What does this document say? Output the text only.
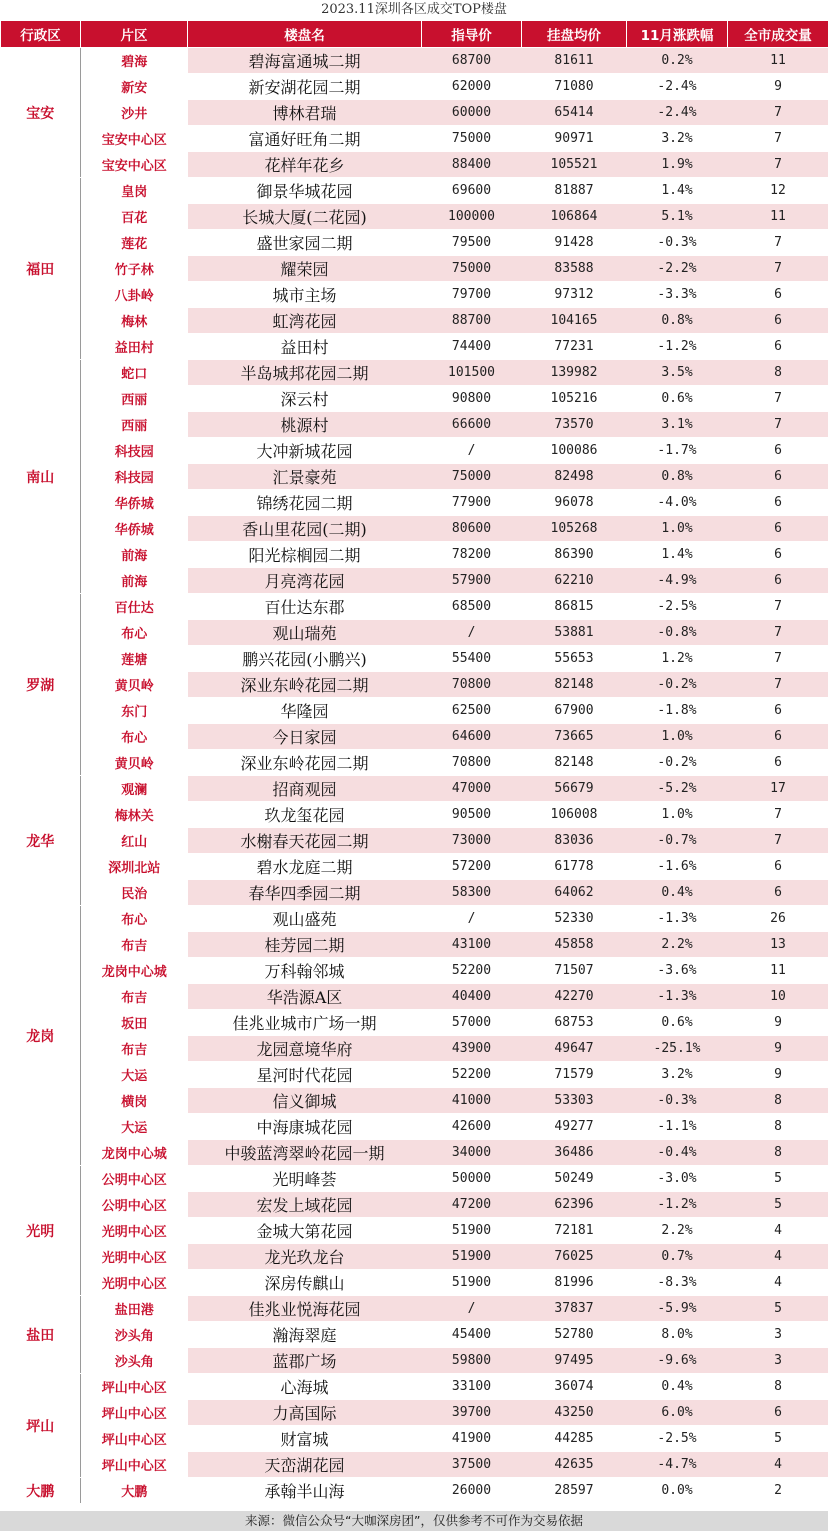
2023.11深圳各区成交TOP楼盘
行政区	片区	楼盘名	指导价	挂盘均价	11月涨跌幅	全市成交量
宝安	碧海	碧海富通城二期	68700	81611	0.2%	11
	新安	新安湖花园二期	62000	71080	-2.4%	9
	沙井	博林君瑞	60000	65414	-2.4%	7
	宝安中心区	富通好旺角二期	75000	90971	3.2%	7
	宝安中心区	花样年花乡	88400	105521	1.9%	7
福田	皇岗	御景华城花园	69600	81887	1.4%	12
	百花	长城大厦(二花园)	100000	106864	5.1%	11
	莲花	盛世家园二期	79500	91428	-0.3%	7
	竹子林	耀荣园	75000	83588	-2.2%	7
	八卦岭	城市主场	79700	97312	-3.3%	6
	梅林	虹湾花园	88700	104165	0.8%	6
	益田村	益田村	74400	77231	-1.2%	6
南山	蛇口	半岛城邦花园二期	101500	139982	3.5%	8
	西丽	深云村	90800	105216	0.6%	7
	西丽	桃源村	66600	73570	3.1%	7
	科技园	大冲新城花园	/	100086	-1.7%	6
	科技园	汇景豪苑	75000	82498	0.8%	6
	华侨城	锦绣花园二期	77900	96078	-4.0%	6
	华侨城	香山里花园(二期)	80600	105268	1.0%	6
	前海	阳光棕榈园二期	78200	86390	1.4%	6
	前海	月亮湾花园	57900	62210	-4.9%	6
罗湖	百仕达	百仕达东郡	68500	86815	-2.5%	7
	布心	观山瑞苑	/	53881	-0.8%	7
	莲塘	鹏兴花园(小鹏兴)	55400	55653	1.2%	7
	黄贝岭	深业东岭花园二期	70800	82148	-0.2%	7
	东门	华隆园	62500	67900	-1.8%	6
	布心	今日家园	64600	73665	1.0%	6
	黄贝岭	深业东岭花园二期	70800	82148	-0.2%	6
龙华	观澜	招商观园	47000	56679	-5.2%	17
	梅林关	玖龙玺花园	90500	106008	1.0%	7
	红山	水榭春天花园二期	73000	83036	-0.7%	7
	深圳北站	碧水龙庭二期	57200	61778	-1.6%	6
	民治	春华四季园二期	58300	64062	0.4%	6
龙岗	布心	观山盛苑	/	52330	-1.3%	26
	布吉	桂芳园二期	43100	45858	2.2%	13
	龙岗中心城	万科翰邻城	52200	71507	-3.6%	11
	布吉	华浩源A区	40400	42270	-1.3%	10
	坂田	佳兆业城市广场一期	57000	68753	0.6%	9
	布吉	龙园意境华府	43900	49647	-25.1%	9
	大运	星河时代花园	52200	71579	3.2%	9
	横岗	信义御城	41000	53303	-0.3%	8
	大运	中海康城花园	42600	49277	-1.1%	8
	龙岗中心城	中骏蓝湾翠岭花园一期	34000	36486	-0.4%	8
光明	公明中心区	光明峰荟	50000	50249	-3.0%	5
	公明中心区	宏发上域花园	47200	62396	-1.2%	5
	光明中心区	金城大第花园	51900	72181	2.2%	4
	光明中心区	龙光玖龙台	51900	76025	0.7%	4
	光明中心区	深房传麒山	51900	81996	-8.3%	4
盐田	盐田港	佳兆业悦海花园	/	37837	-5.9%	5
	沙头角	瀚海翠庭	45400	52780	8.0%	3
	沙头角	蓝郡广场	59800	97495	-9.6%	3
坪山	坪山中心区	心海城	33100	36074	0.4%	8
	坪山中心区	力高国际	39700	43250	6.0%	6
	坪山中心区	财富城	41900	44285	-2.5%	5
	坪山中心区	天峦湖花园	37500	42635	-4.7%	4
大鹏	大鹏	承翰半山海	26000	28597	0.0%	2
来源：微信公众号“大咖深房团”，仅供参考不可作为交易依据
